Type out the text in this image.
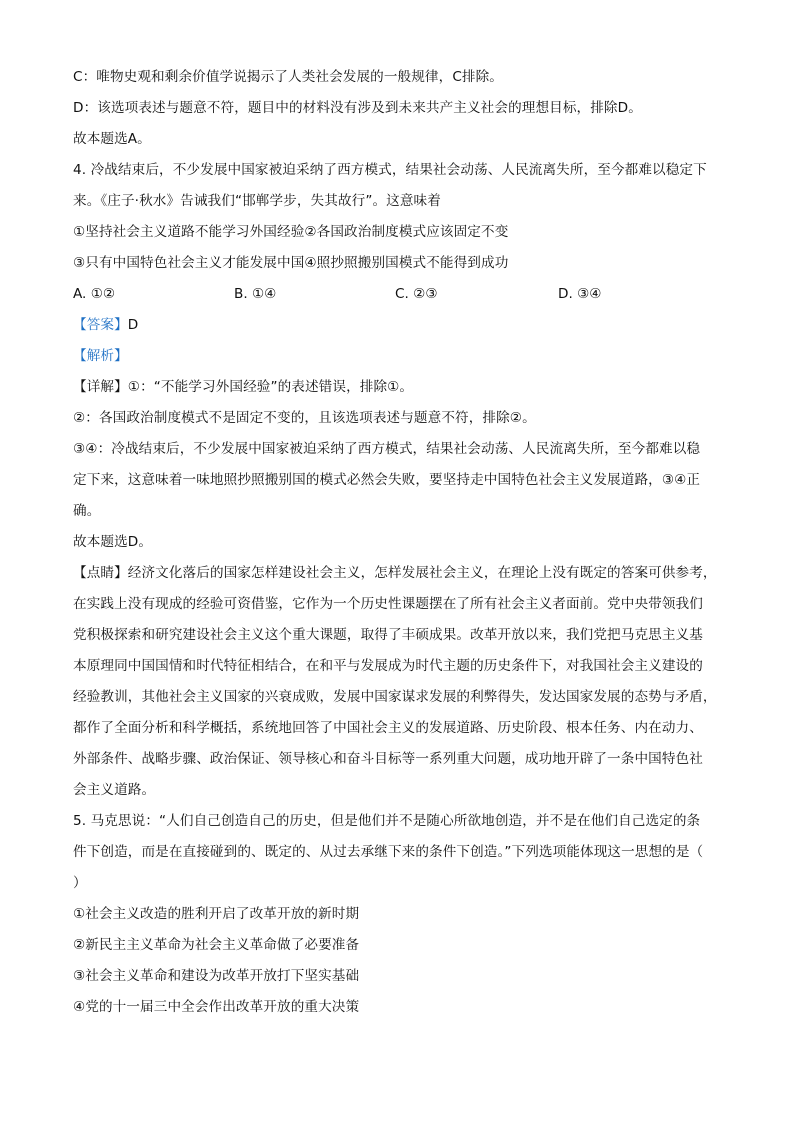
C：唯物史观和剩余价值学说揭示了人类社会发展的一般规律，C排除。
D：该选项表述与题意不符，题目中的材料没有涉及到未来共产主义社会的理想目标，排除D。
故本题选A。
4. 冷战结束后，不少发展中国家被迫采纳了西方模式，结果社会动荡、人民流离失所，至今都难以稳定下
来。《庄子·秋水》告诫我们“邯郸学步，失其故行”。这意味着
①坚持社会主义道路不能学习外国经验②各国政治制度模式应该固定不变
③只有中国特色社会主义才能发展中国④照抄照搬别国模式不能得到成功
A. ①②	B. ①④	C. ②③	D. ③④
【答案】D
【解析】
【详解】①：“不能学习外国经验”的表述错误，排除①。
②：各国政治制度模式不是固定不变的，且该选项表述与题意不符，排除②。
③④：冷战结束后，不少发展中国家被迫采纳了西方模式，结果社会动荡、人民流离失所，至今都难以稳
定下来，这意味着一味地照抄照搬别国的模式必然会失败，要坚持走中国特色社会主义发展道路，③④正
确。
故本题选D。
【点睛】经济文化落后的国家怎样建设社会主义，怎样发展社会主义，在理论上没有既定的答案可供参考，
在实践上没有现成的经验可资借鉴，它作为一个历史性课题摆在了所有社会主义者面前。党中央带领我们
党积极探索和研究建设社会主义这个重大课题，取得了丰硕成果。改革开放以来，我们党把马克思主义基
本原理同中国国情和时代特征相结合，在和平与发展成为时代主题的历史条件下，对我国社会主义建设的
经验教训，其他社会主义国家的兴衰成败，发展中国家谋求发展的利弊得失，发达国家发展的态势与矛盾，
都作了全面分析和科学概括，系统地回答了中国社会主义的发展道路、历史阶段、根本任务、内在动力、
外部条件、战略步骤、政治保证、领导核心和奋斗目标等一系列重大问题，成功地开辟了一条中国特色社
会主义道路。
5. 马克思说：“人们自己创造自己的历史，但是他们并不是随心所欲地创造，并不是在他们自己选定的条
件下创造，而是在直接碰到的、既定的、从过去承继下来的条件下创造。”下列选项能体现这一思想的是（
）
①社会主义改造的胜利开启了改革开放的新时期
②新民主主义革命为社会主义革命做了必要准备
③社会主义革命和建设为改革开放打下坚实基础
④党的十一届三中全会作出改革开放的重大决策
